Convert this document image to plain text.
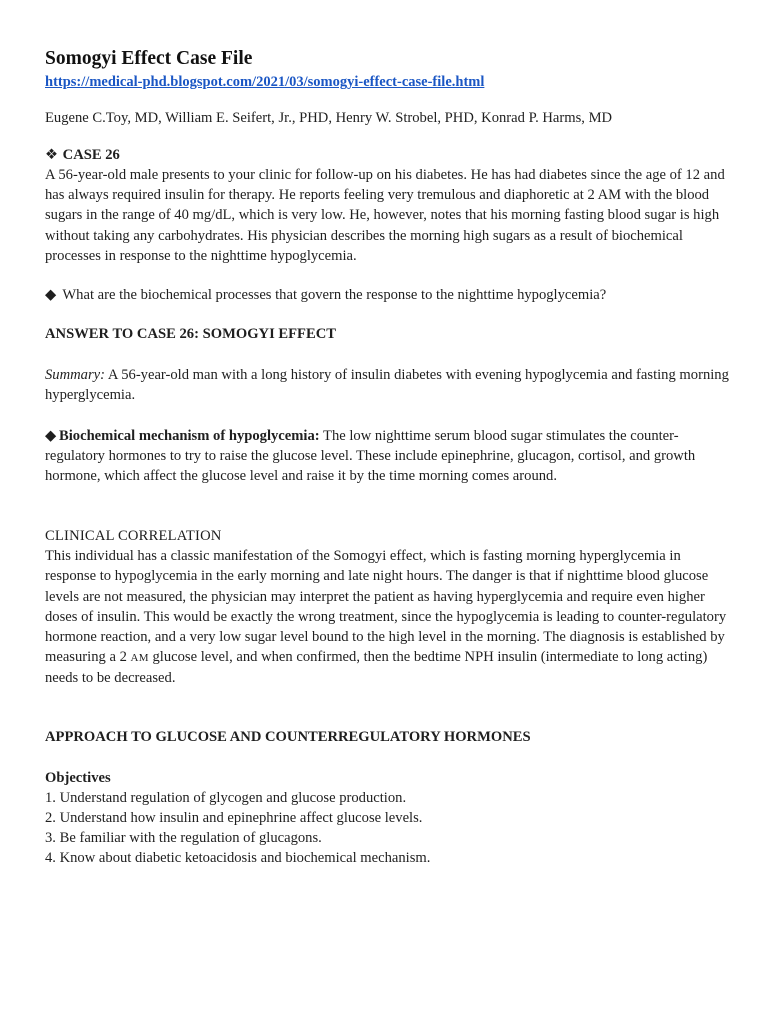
Somogyi Effect Case File
https://medical-phd.blogspot.com/2021/03/somogyi-effect-case-file.html

Eugene C.Toy, MD, William E. Seifert, Jr., PHD, Henry W. Strobel, PHD, Konrad P. Harms, MD

❖ CASE 26

A 56-year-old male presents to your clinic for follow-up on his diabetes. He has had diabetes since the age of 12 and has always required insulin for therapy. He reports feeling very tremulous and diaphoretic at 2 AM with the blood sugars in the range of 40 mg/dL, which is very low. He, however, notes that his morning fasting blood sugar is high without taking any carbohydrates. His physician describes the morning high sugars as a result of biochemical processes in response to the nighttime hypoglycemia.

◆ What are the biochemical processes that govern the response to the nighttime hypoglycemia?

ANSWER TO CASE 26: SOMOGYI EFFECT

Summary: A 56-year-old man with a long history of insulin diabetes with evening hypoglycemia and fasting morning hyperglycemia.

◆ Biochemical mechanism of hypoglycemia: The low nighttime serum blood sugar stimulates the counter-regulatory hormones to try to raise the glucose level. These include epinephrine, glucagon, cortisol, and growth hormone, which affect the glucose level and raise it by the time morning comes around.

CLINICAL CORRELATION

This individual has a classic manifestation of the Somogyi effect, which is fasting morning hyperglycemia in response to hypoglycemia in the early morning and late night hours. The danger is that if nighttime blood glucose levels are not measured, the physician may interpret the patient as having hyperglycemia and require even higher doses of insulin. This would be exactly the wrong treatment, since the hypoglycemia is leading to counter-regulatory hormone reaction, and a very low sugar level bound to the high level in the morning. The diagnosis is established by measuring a 2 AM glucose level, and when confirmed, then the bedtime NPH insulin (intermediate to long acting) needs to be decreased.

APPROACH TO GLUCOSE AND COUNTERREGULATORY HORMONES
Objectives
1. Understand regulation of glycogen and glucose production.
2. Understand how insulin and epinephrine affect glucose levels.
3. Be familiar with the regulation of glucagons.
4. Know about diabetic ketoacidosis and biochemical mechanism.
